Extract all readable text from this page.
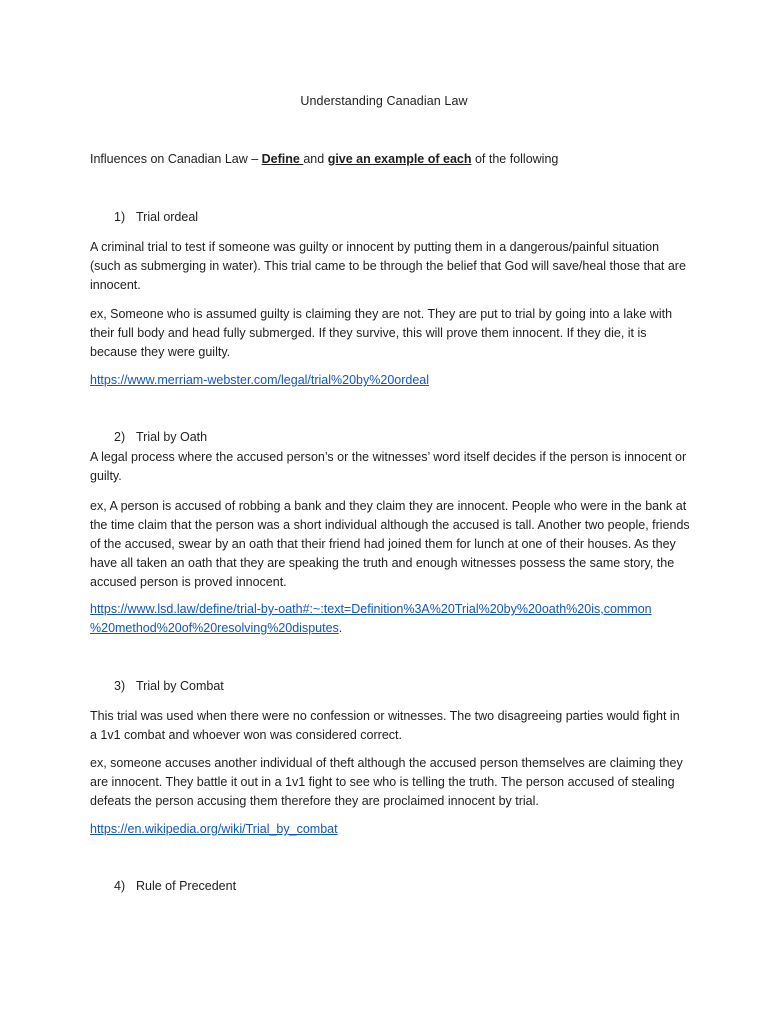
Understanding Canadian Law
Influences on Canadian Law – Define and give an example of each of the following
1) Trial ordeal

A criminal trial to test if someone was guilty or innocent by putting them in a dangerous/painful situation (such as submerging in water). This trial came to be through the belief that God will save/heal those that are innocent.

ex, Someone who is assumed guilty is claiming they are not. They are put to trial by going into a lake with their full body and head fully submerged. If they survive, this will prove them innocent. If they die, it is because they were guilty.

https://www.merriam-webster.com/legal/trial%20by%20ordeal

2) Trial by Oath

A legal process where the accused person’s or the witnesses’ word itself decides if the person is innocent or guilty.

ex, A person is accused of robbing a bank and they claim they are innocent. People who were in the bank at the time claim that the person was a short individual although the accused is tall. Another two people, friends of the accused, swear by an oath that their friend had joined them for lunch at one of their houses. As they have all taken an oath that they are speaking the truth and enough witnesses possess the same story, the accused person is proved innocent.

https://www.lsd.law/define/trial-by-oath#:~:text=Definition%3A%20Trial%20by%20oath%20is,common
%20method%20of%20resolving%20disputes.

3) Trial by Combat

This trial was used when there were no confession or witnesses. The two disagreeing parties would fight in a 1v1 combat and whoever won was considered correct.

ex, someone accuses another individual of theft although the accused person themselves are claiming they are innocent. They battle it out in a 1v1 fight to see who is telling the truth. The person accused of stealing defeats the person accusing them therefore they are proclaimed innocent by trial.

https://en.wikipedia.org/wiki/Trial_by_combat

4) Rule of Precedent
